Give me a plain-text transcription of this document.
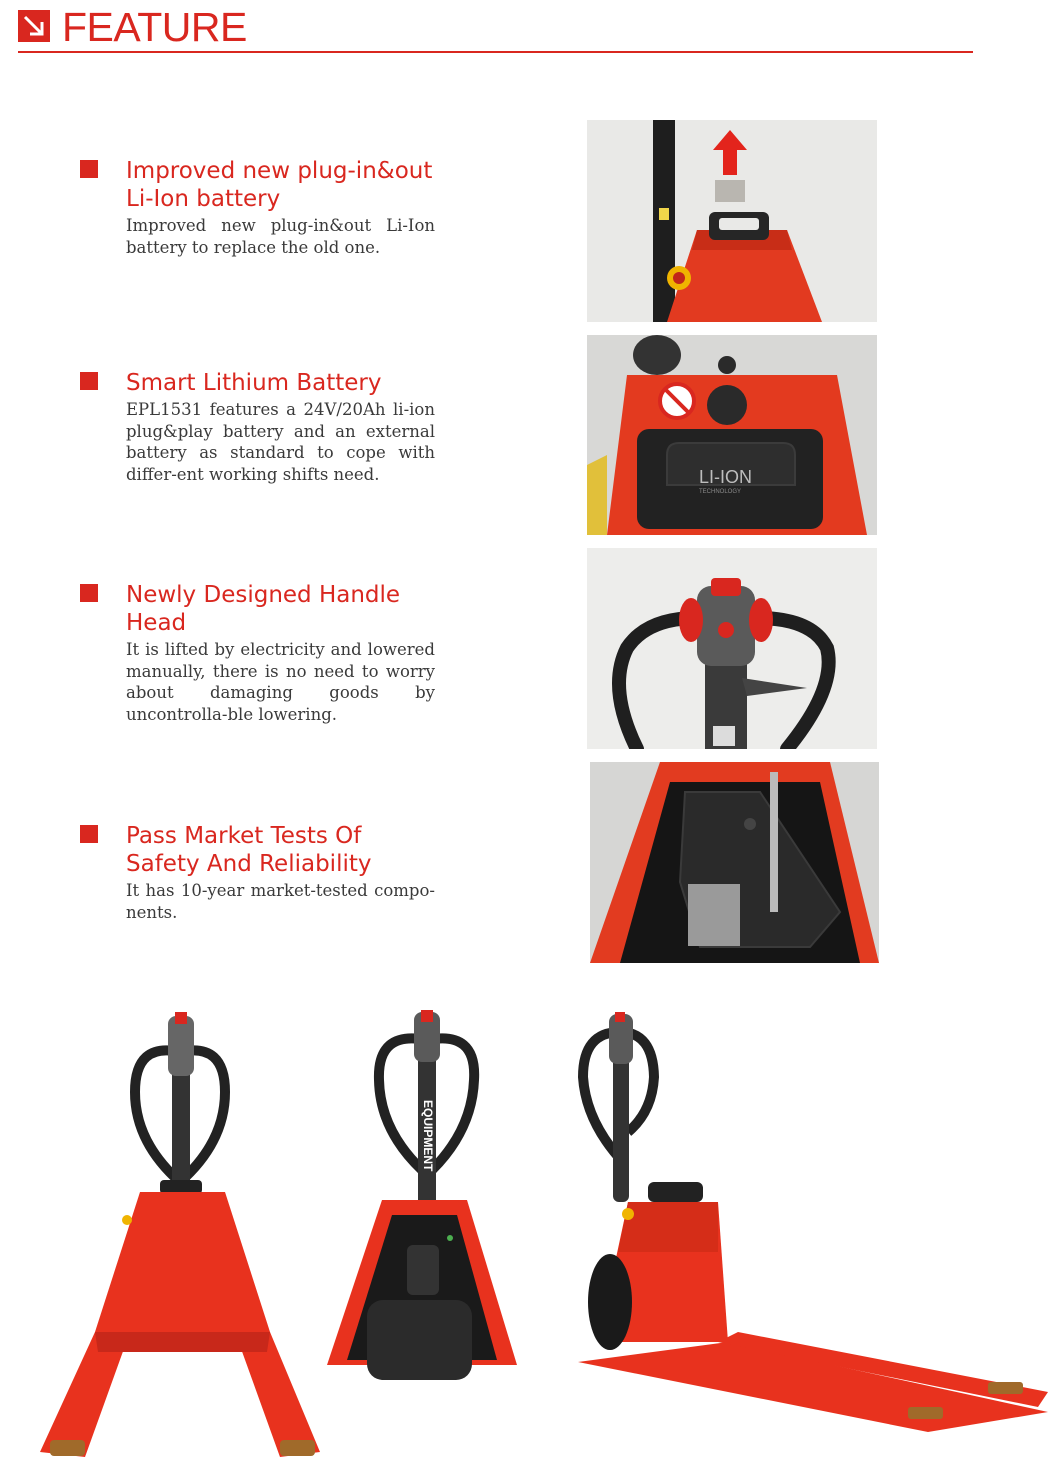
FEATURE
Improved new plug-in&out Li-Ion battery
Improved new plug-in&out Li-Ion battery to replace the old one.
Smart Lithium Battery
EPL1531 features a 24V/20Ah li-ion plug&play battery and an external battery as standard to cope with differ-ent working shifts need.
Newly Designed Handle Head
It is lifted by electricity and lowered manually, there is no need to worry about damaging goods by uncontrolla-ble lowering.
Pass Market Tests Of Safety And Reliability
It has 10-year market-tested compo-nents.
LI-ION
TECHNOLOGY
EQUIPMENT
